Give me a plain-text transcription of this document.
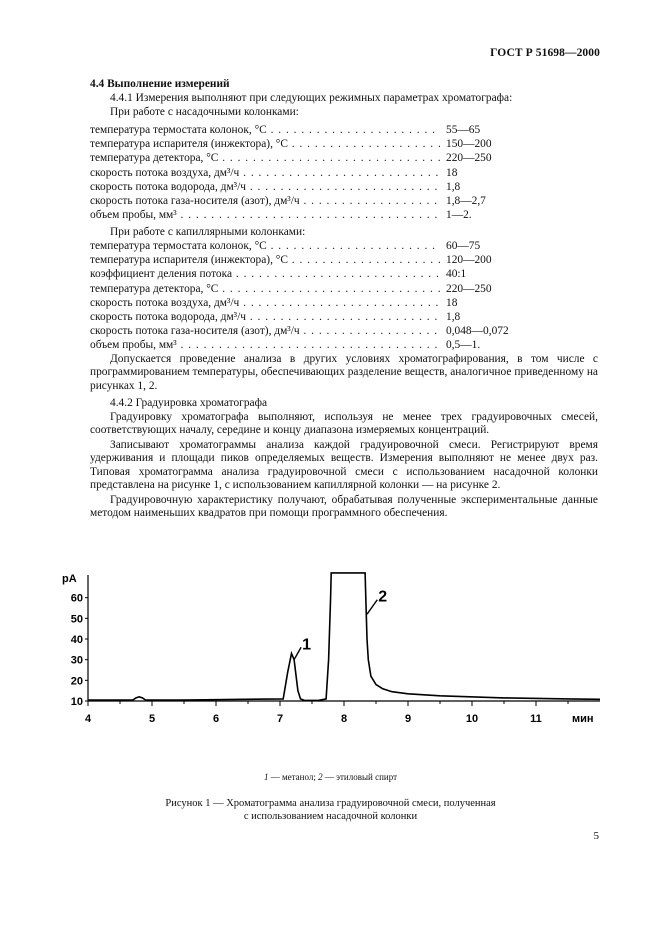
ГОСТ Р 51698—2000
4.4 Выполнение измерений
4.4.1 Измерения выполняют при следующих режимных параметрах хроматографа:
При работе с насадочными колонками:
температура термостата колонок, °С . . .	55—65
температура испарителя (инжектора), °С . . .	150—200
температура детектора, °С . . .	220—250
скорость потока воздуха, дм³/ч . . .	18
скорость потока водорода, дм³/ч . . .	1,8
скорость потока газа-носителя (азот), дм³/ч . . .	1,8—2,7
объем пробы, мм³ . . .	1—2.
При работе с капиллярными колонками:
температура термостата колонок, °С . . .	60—75
температура испарителя (инжектора), °С . . .	120—200
коэффициент деления потока . . .	40:1
температура детектора, °С . . .	220—250
скорость потока воздуха, дм³/ч . . .	18
скорость потока водорода, дм³/ч . . .	1,8
скорость потока газа-носителя (азот), дм³/ч . . .	0,048—0,072
объем пробы, мм³ . . .	0,5—1.
Допускается проведение анализа в других условиях хроматографирования, в том числе с программированием температуры, обеспечивающих разделение веществ, аналогичное приведенному на рисунках 1, 2.
4.4.2 Градуировка хроматографа
Градуировку хроматографа выполняют, используя не менее трех градуировочных смесей, соответствующих началу, середине и концу диапазона измеряемых концентраций.
Записывают хроматограммы анализа каждой градуировочной смеси. Регистрируют время удерживания и площади пиков определяемых веществ. Измерения выполняют не менее двух раз. Типовая хроматограмма анализа градуировочной смеси с использованием насадочной колонки представлена на рисунке 1, с использованием капиллярной колонки — на рисунке 2.
Градуировочную характеристику получают, обрабатывая полученные экспериментальные данные методом наименьших квадратов при помощи программного обеспечения.
pA
мин
10
20
30
40
50
60
4	5	6	7	8	9	10	11
1
2
1 — метанол; 2 — этиловый спирт
Рисунок 1 — Хроматограмма анализа градуировочной смеси, полученная
с использованием насадочной колонки
5
